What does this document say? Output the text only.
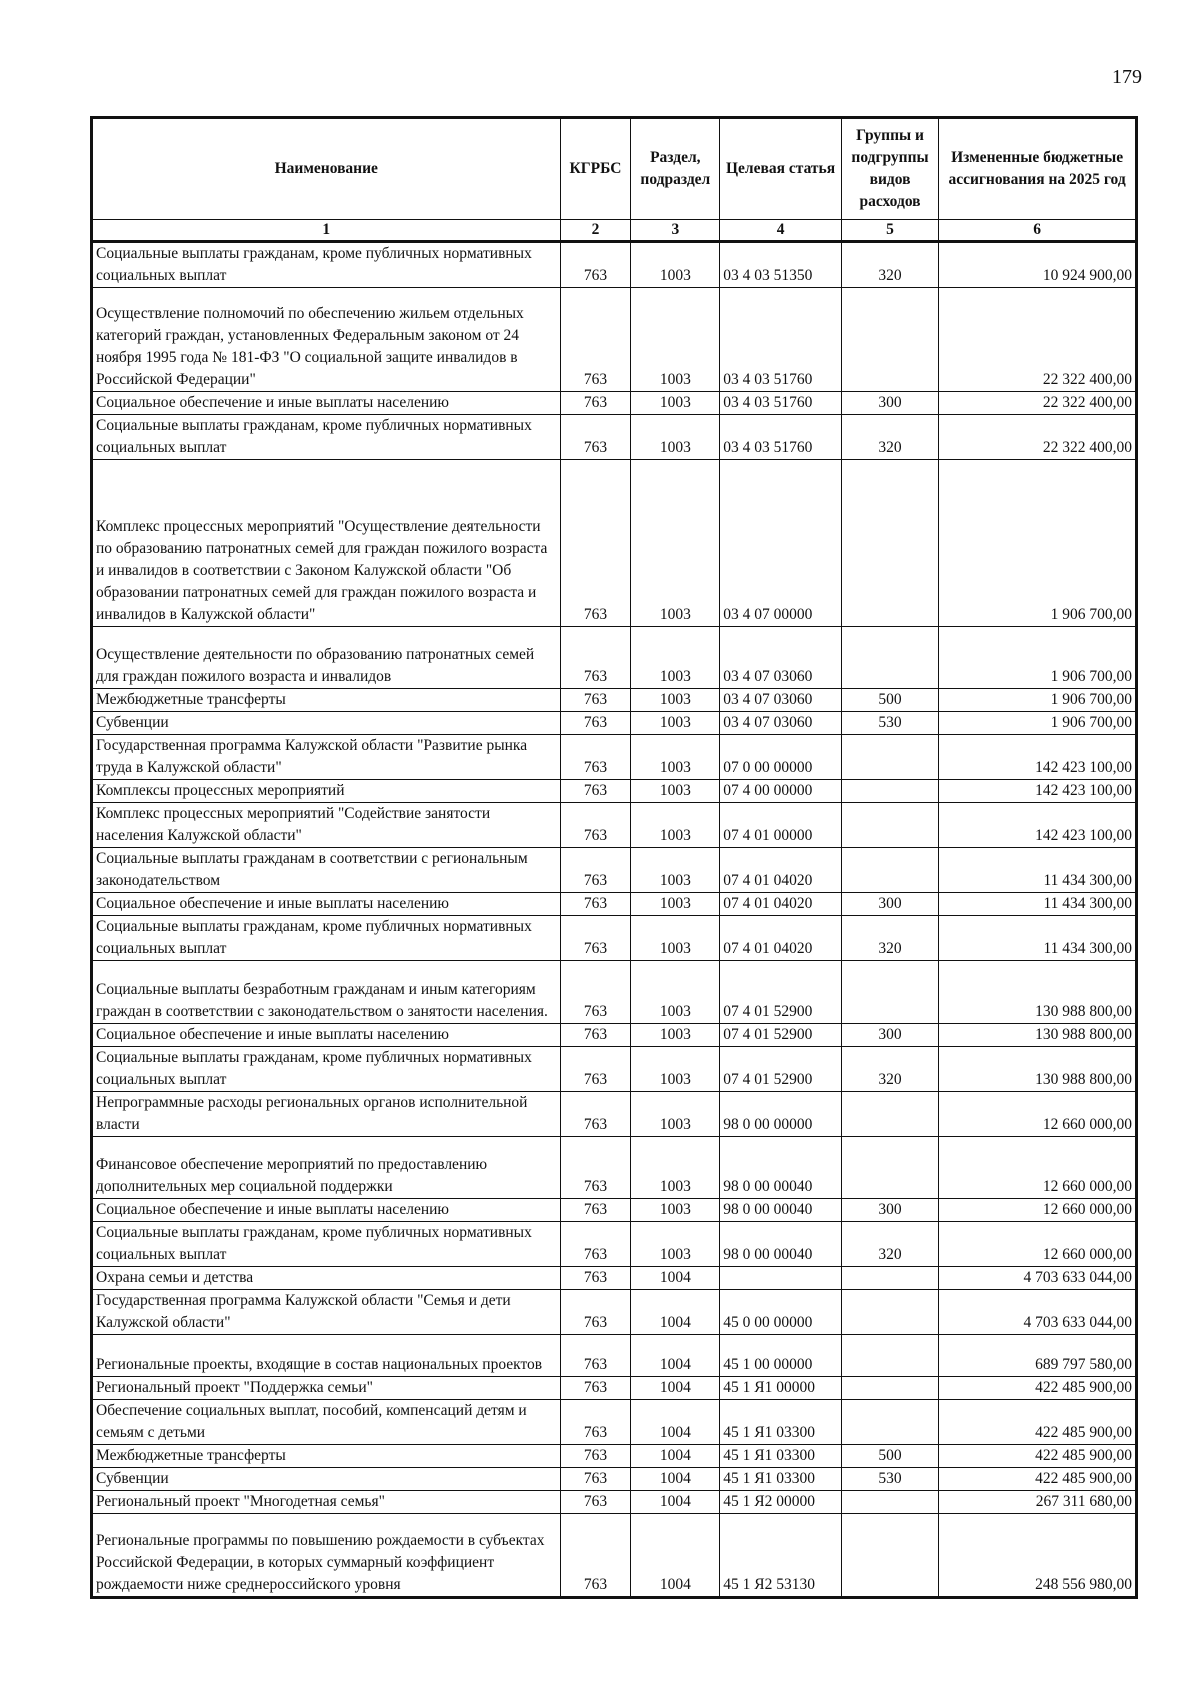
179
Наименование	КГРБС	Раздел, подраздел	Целевая статья	Группы и подгруппы видов расходов	Измененные бюджетные ассигнования на 2025 год
1	2	3	4	5	6
Социальные выплаты гражданам, кроме публичных нормативных социальных выплат	763	1003	03 4 03 51350	320	10 924 900,00
Осуществление полномочий по обеспечению жильем отдельных категорий граждан, установленных Федеральным законом от 24 ноября 1995 года № 181-ФЗ "О социальной защите инвалидов в Российской Федерации"	763	1003	03 4 03 51760		22 322 400,00
Социальное обеспечение и иные выплаты населению	763	1003	03 4 03 51760	300	22 322 400,00
Социальные выплаты гражданам, кроме публичных нормативных социальных выплат	763	1003	03 4 03 51760	320	22 322 400,00
Комплекс процессных мероприятий "Осуществление деятельности по образованию патронатных семей для граждан пожилого возраста и инвалидов в соответствии с Законом Калужской области "Об образовании патронатных семей для граждан пожилого возраста и инвалидов в Калужской области"	763	1003	03 4 07 00000		1 906 700,00
Осуществление деятельности по образованию патронатных семей для граждан пожилого возраста и инвалидов	763	1003	03 4 07 03060		1 906 700,00
Межбюджетные трансферты	763	1003	03 4 07 03060	500	1 906 700,00
Субвенции	763	1003	03 4 07 03060	530	1 906 700,00
Государственная программа Калужской области "Развитие рынка труда в Калужской области"	763	1003	07 0 00 00000		142 423 100,00
Комплексы процессных мероприятий	763	1003	07 4 00 00000		142 423 100,00
Комплекс процессных мероприятий "Содействие занятости населения Калужской области"	763	1003	07 4 01 00000		142 423 100,00
Социальные выплаты гражданам в соответствии с региональным законодательством	763	1003	07 4 01 04020		11 434 300,00
Социальное обеспечение и иные выплаты населению	763	1003	07 4 01 04020	300	11 434 300,00
Социальные выплаты гражданам, кроме публичных нормативных социальных выплат	763	1003	07 4 01 04020	320	11 434 300,00
Социальные выплаты безработным гражданам и иным категориям граждан в соответствии с законодательством о занятости населения.	763	1003	07 4 01 52900		130 988 800,00
Социальное обеспечение и иные выплаты населению	763	1003	07 4 01 52900	300	130 988 800,00
Социальные выплаты гражданам, кроме публичных нормативных социальных выплат	763	1003	07 4 01 52900	320	130 988 800,00
Непрограммные расходы региональных органов исполнительной власти	763	1003	98 0 00 00000		12 660 000,00
Финансовое обеспечение мероприятий по предоставлению дополнительных мер социальной поддержки	763	1003	98 0 00 00040		12 660 000,00
Социальное обеспечение и иные выплаты населению	763	1003	98 0 00 00040	300	12 660 000,00
Социальные выплаты гражданам, кроме публичных нормативных социальных выплат	763	1003	98 0 00 00040	320	12 660 000,00
Охрана семьи и детства	763	1004			4 703 633 044,00
Государственная программа Калужской области "Семья и дети Калужской области"	763	1004	45 0 00 00000		4 703 633 044,00
Региональные проекты, входящие в состав национальных проектов	763	1004	45 1 00 00000		689 797 580,00
Региональный проект "Поддержка семьи"	763	1004	45 1 Я1 00000		422 485 900,00
Обеспечение социальных выплат, пособий, компенсаций детям и семьям с детьми	763	1004	45 1 Я1 03300		422 485 900,00
Межбюджетные трансферты	763	1004	45 1 Я1 03300	500	422 485 900,00
Субвенции	763	1004	45 1 Я1 03300	530	422 485 900,00
Региональный проект "Многодетная семья"	763	1004	45 1 Я2 00000		267 311 680,00
Региональные программы по повышению рождаемости в субъектах Российской Федерации, в которых суммарный коэффициент рождаемости ниже среднероссийского уровня	763	1004	45 1 Я2 53130		248 556 980,00
